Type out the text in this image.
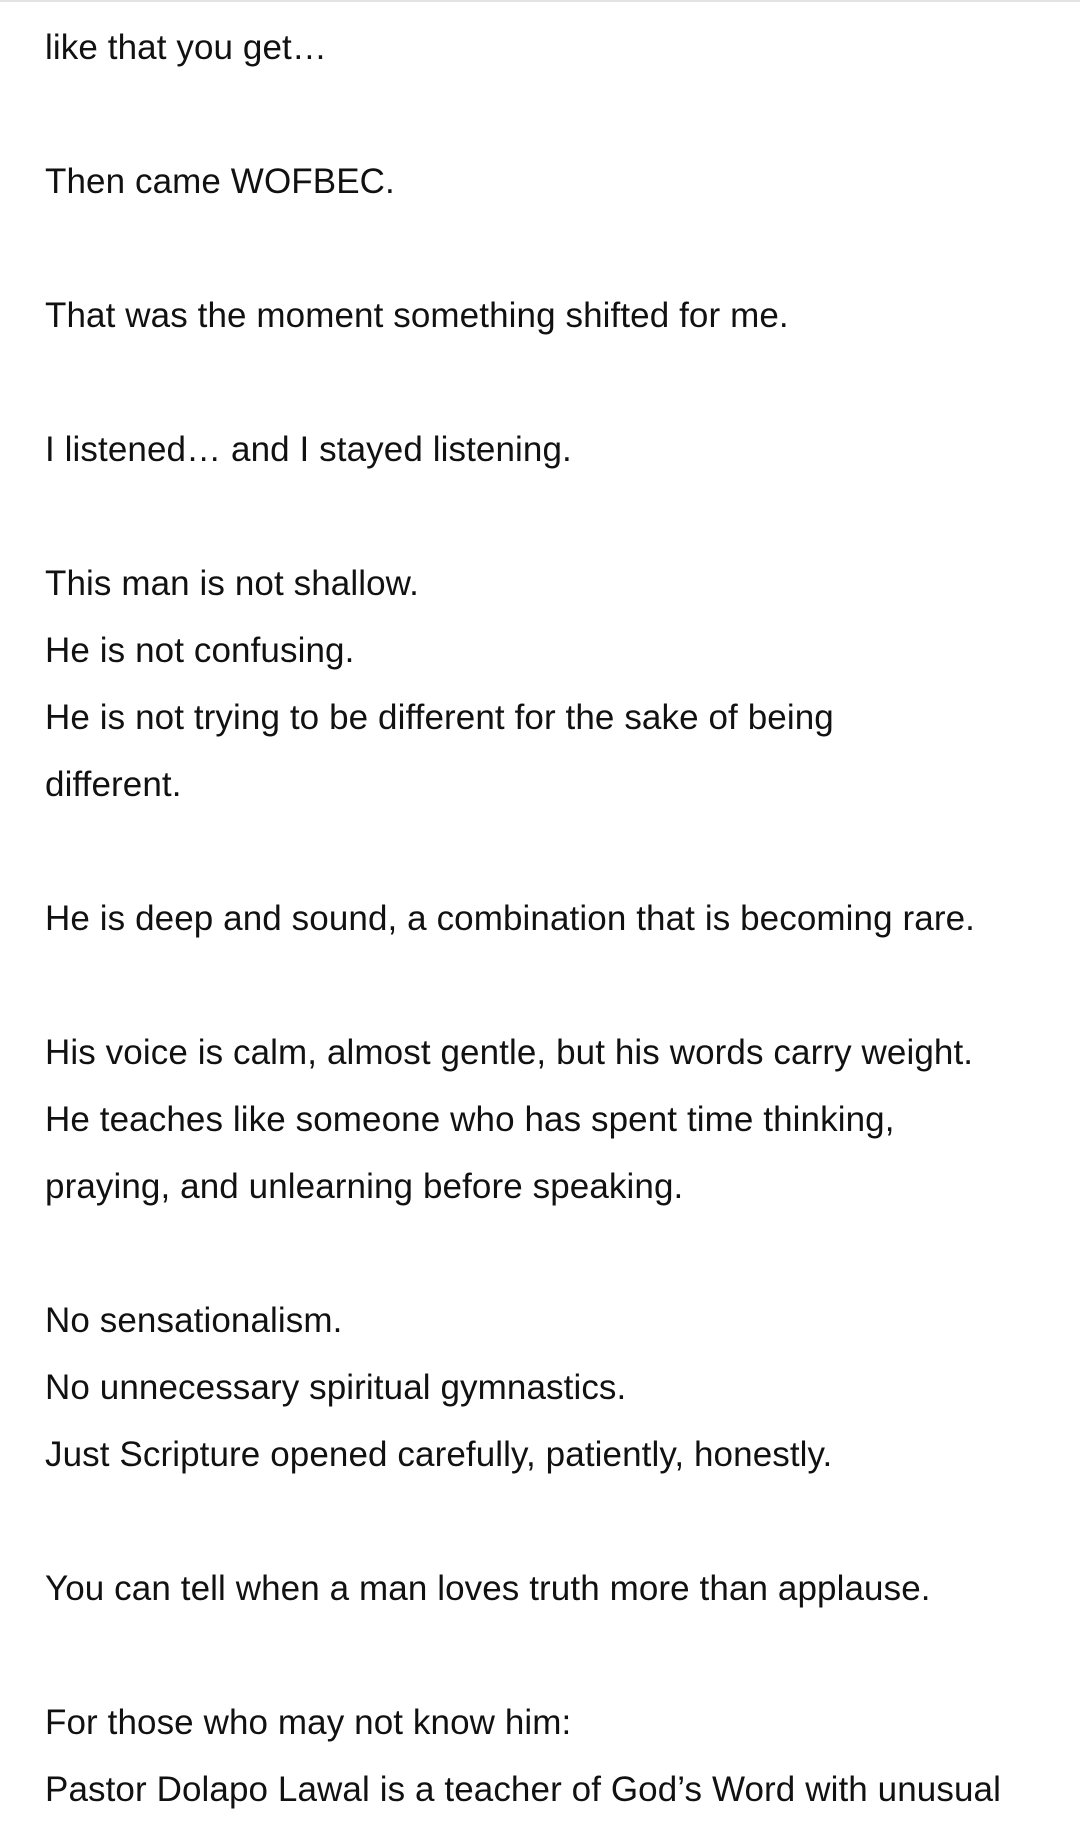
like that you get…
Then came WOFBEC.
That was the moment something shifted for me.
I listened… and I stayed listening.
This man is not shallow.
He is not confusing.
He is not trying to be different for the sake of being
different.
He is deep and sound, a combination that is becoming rare.
His voice is calm, almost gentle, but his words carry weight.
He teaches like someone who has spent time thinking,
praying, and unlearning before speaking.
No sensationalism.
No unnecessary spiritual gymnastics.
Just Scripture opened carefully, patiently, honestly.
You can tell when a man loves truth more than applause.
For those who may not know him:
Pastor Dolapo Lawal is a teacher of God’s Word with unusual
